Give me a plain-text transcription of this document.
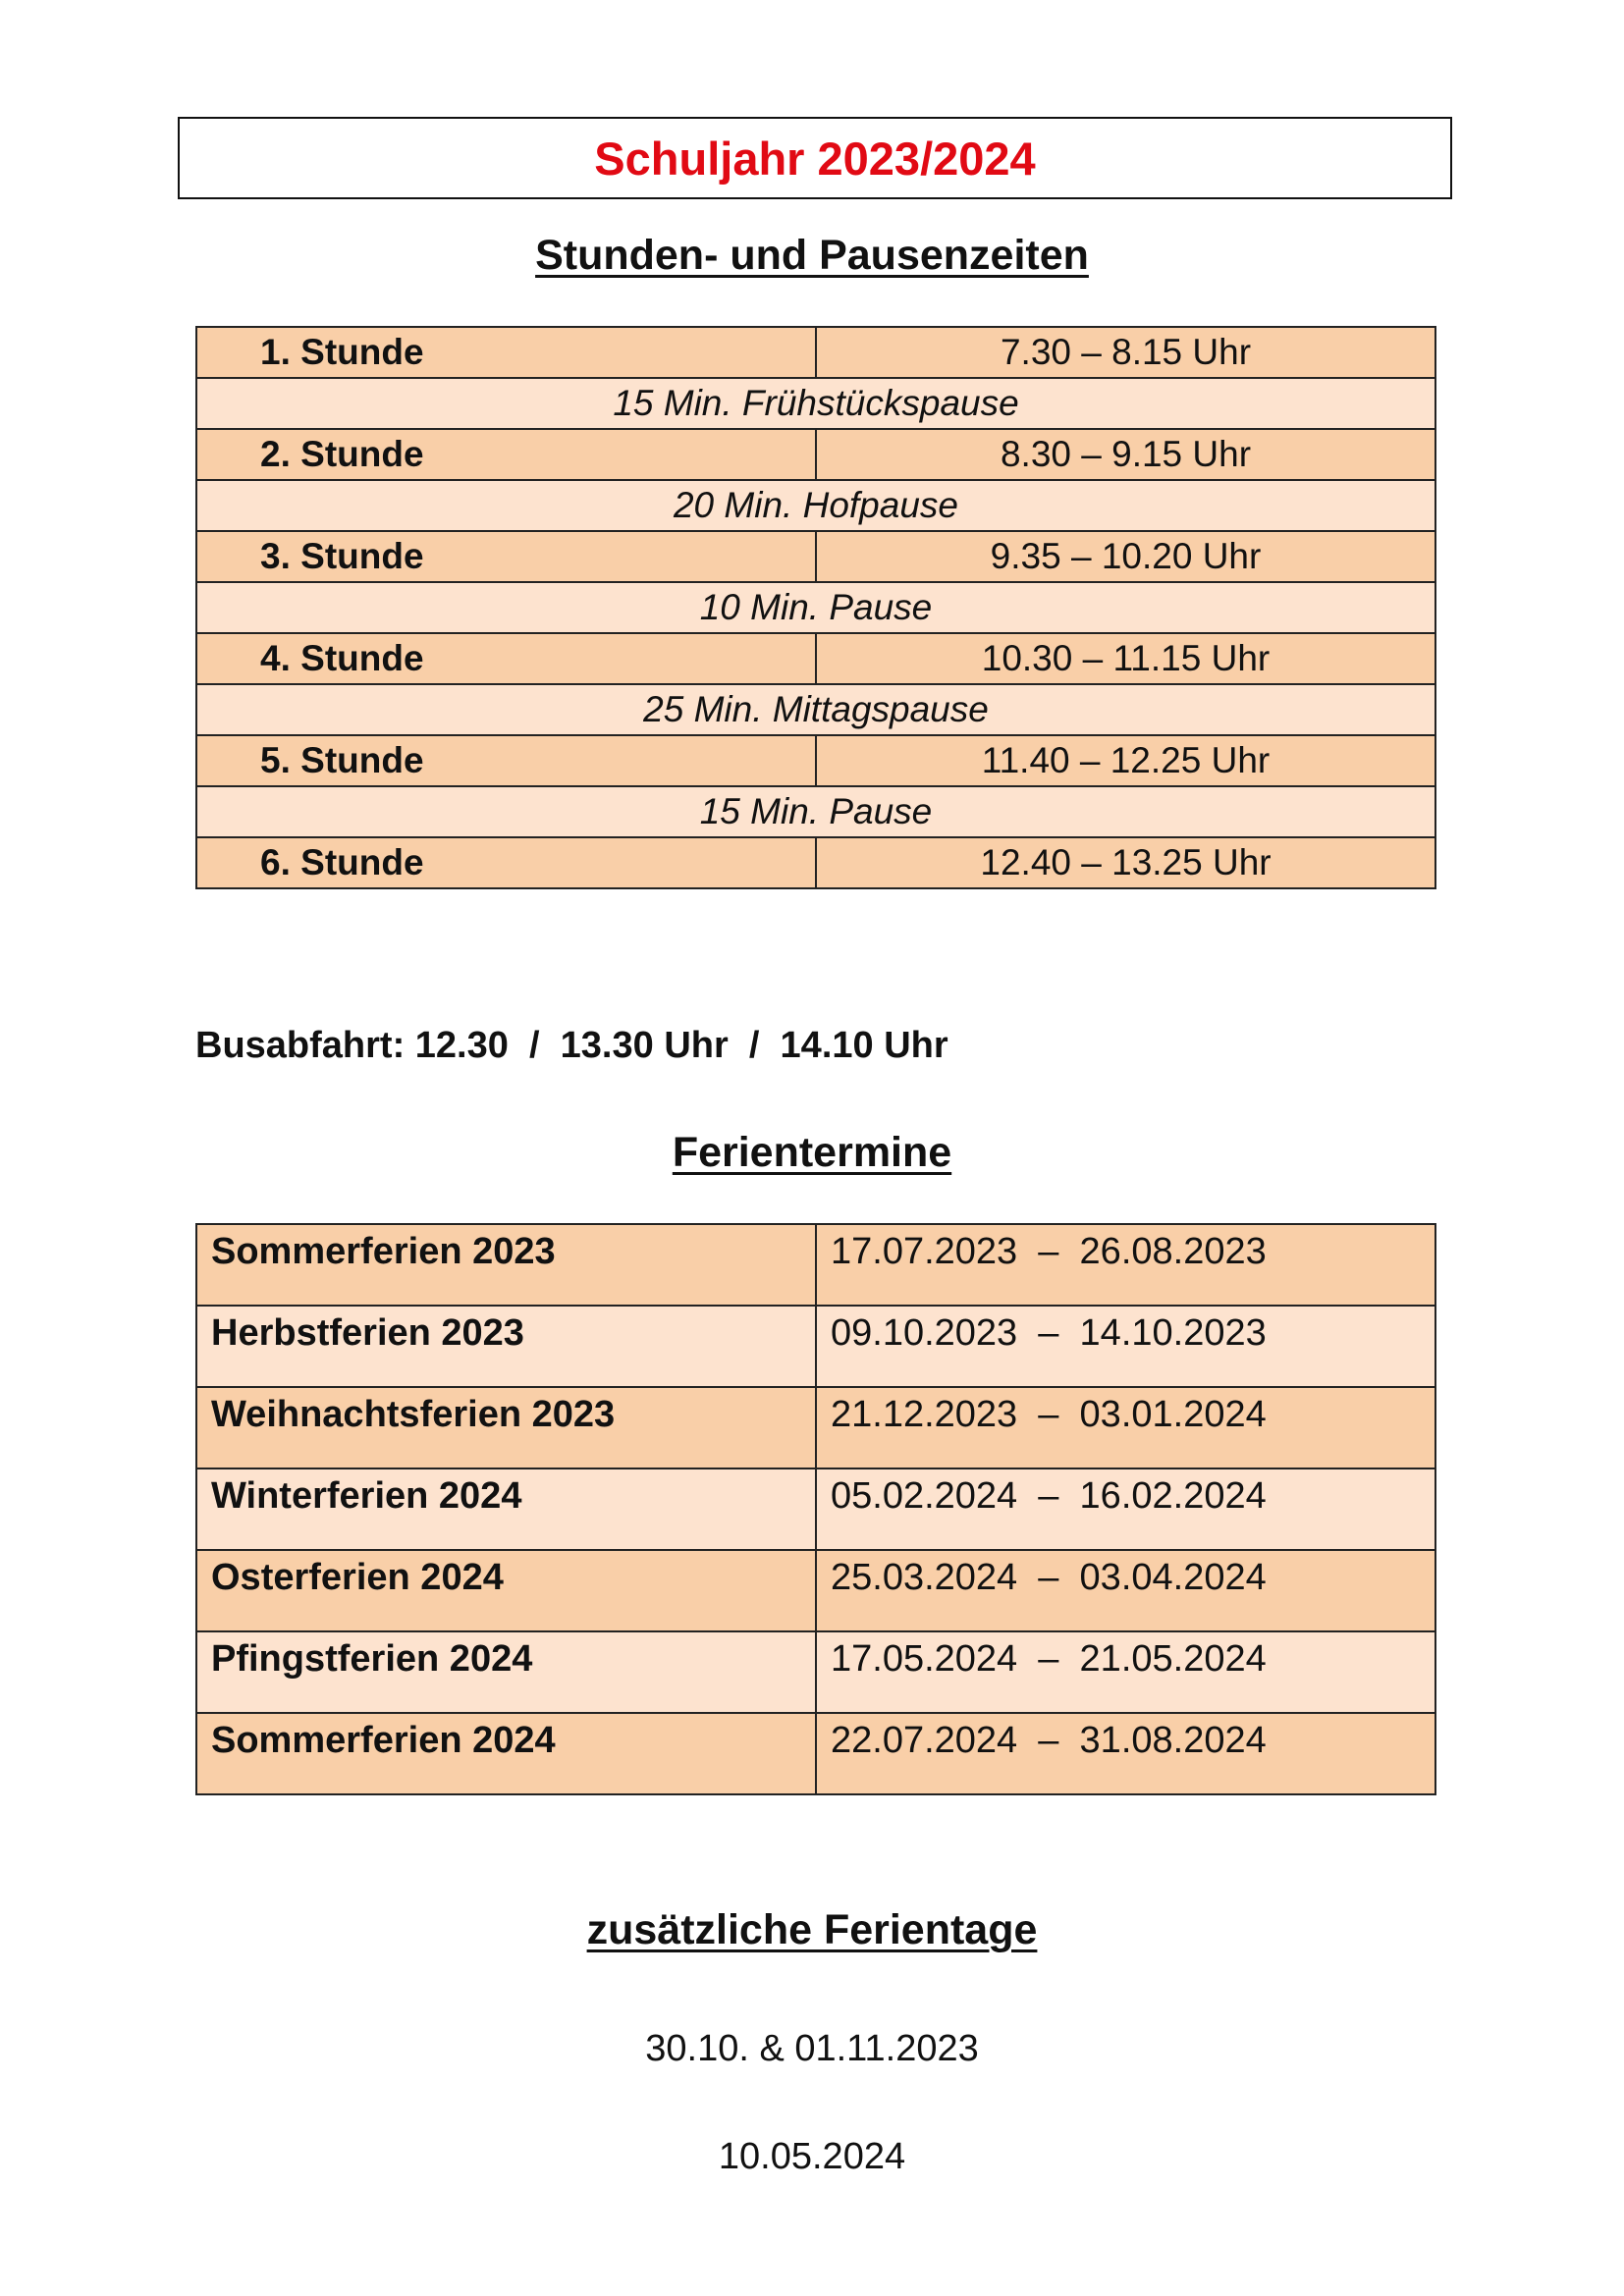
Schuljahr 2023/2024
Stunden- und Pausenzeiten
1. Stunde	7.30 – 8.15 Uhr
15 Min. Frühstückspause	
2. Stunde	8.30 – 9.15 Uhr
20 Min. Hofpause	
3. Stunde	9.35 – 10.20 Uhr
10 Min. Pause	
4. Stunde	10.30 – 11.15 Uhr
25 Min. Mittagspause	
5. Stunde	11.40 – 12.25 Uhr
15 Min. Pause	
6. Stunde	12.40 – 13.25 Uhr
Busabfahrt: 12.30  /  13.30 Uhr  /  14.10 Uhr
Ferientermine
Sommerferien 2023	17.07.2023  –  26.08.2023
Herbstferien 2023	09.10.2023  –  14.10.2023
Weihnachtsferien 2023	21.12.2023  –  03.01.2024
Winterferien 2024	05.02.2024  –  16.02.2024
Osterferien 2024	25.03.2024  –  03.04.2024
Pfingstferien 2024	17.05.2024  –  21.05.2024
Sommerferien 2024	22.07.2024  –  31.08.2024
zusätzliche Ferientage
30.10. & 01.11.2023
10.05.2024
